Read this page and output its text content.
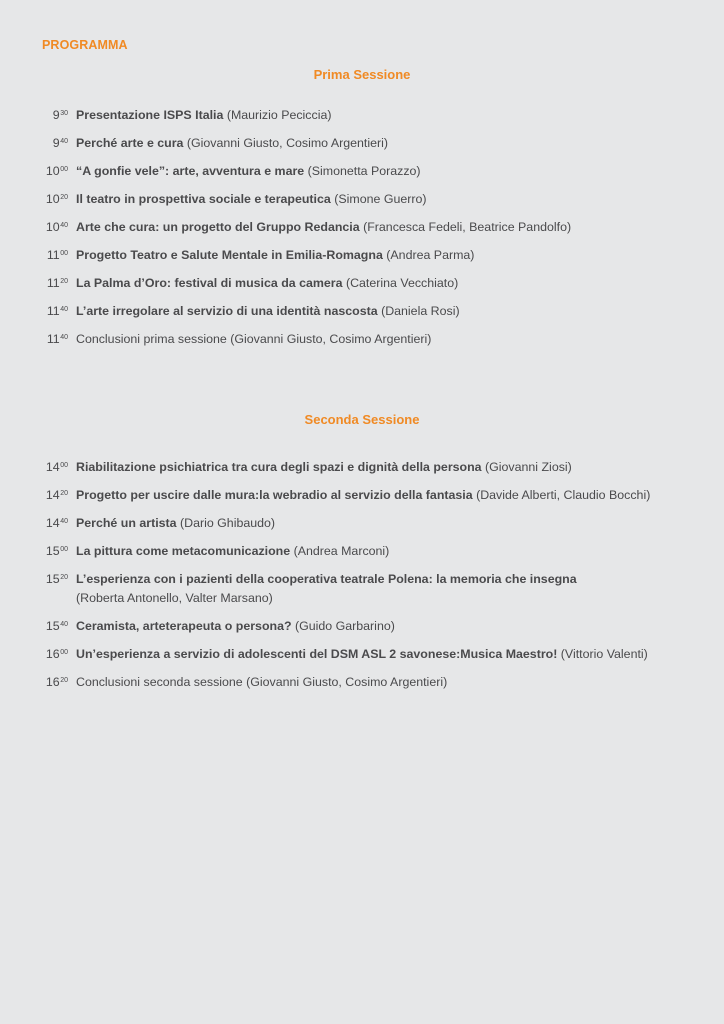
PROGRAMMA
Prima Sessione
$9^{30}$ Presentazione ISPS Italia (Maurizio Peciccia)
$9^{40}$ Perché arte e cura (Giovanni Giusto, Cosimo Argentieri)
$10^{00}$ “A gonfie vele”: arte, avventura e mare (Simonetta Porazzo)
$10^{20}$ Il teatro in prospettiva sociale e terapeutica (Simone Guerro)
$10^{40}$ Arte che cura: un progetto del Gruppo Redancia (Francesca Fedeli, Beatrice Pandolfo)
$11^{00}$ Progetto Teatro e Salute Mentale in Emilia-Romagna (Andrea Parma)
$11^{20}$ La Palma d’Oro: festival di musica da camera (Caterina Vecchiato)
$11^{40}$ L’arte irregolare al servizio di una identità nascosta (Daniela Rosi)
$11^{40}$ Conclusioni prima sessione (Giovanni Giusto, Cosimo Argentieri)
Seconda Sessione
$14^{00}$ Riabilitazione psichiatrica tra cura degli spazi e dignità della persona (Giovanni Ziosi)
$14^{20}$ Progetto per uscire dalle mura:la webradio al servizio della fantasia (Davide Alberti, Claudio Bocchi)
$14^{40}$ Perché un artista (Dario Ghibaudo)
$15^{00}$ La pittura come metacomunicazione (Andrea Marconi)
$15^{20}$ L’esperienza con i pazienti della cooperativa teatrale Polena: la memoria che insegna
(Roberta Antonello, Valter Marsano)
$15^{40}$ Ceramista, arteterapeuta o persona? (Guido Garbarino)
$16^{00}$ Un’esperienza a servizio di adolescenti del DSM ASL 2 savonese:Musica Maestro! (Vittorio Valenti)
$16^{20}$ Conclusioni seconda sessione (Giovanni Giusto, Cosimo Argentieri)
